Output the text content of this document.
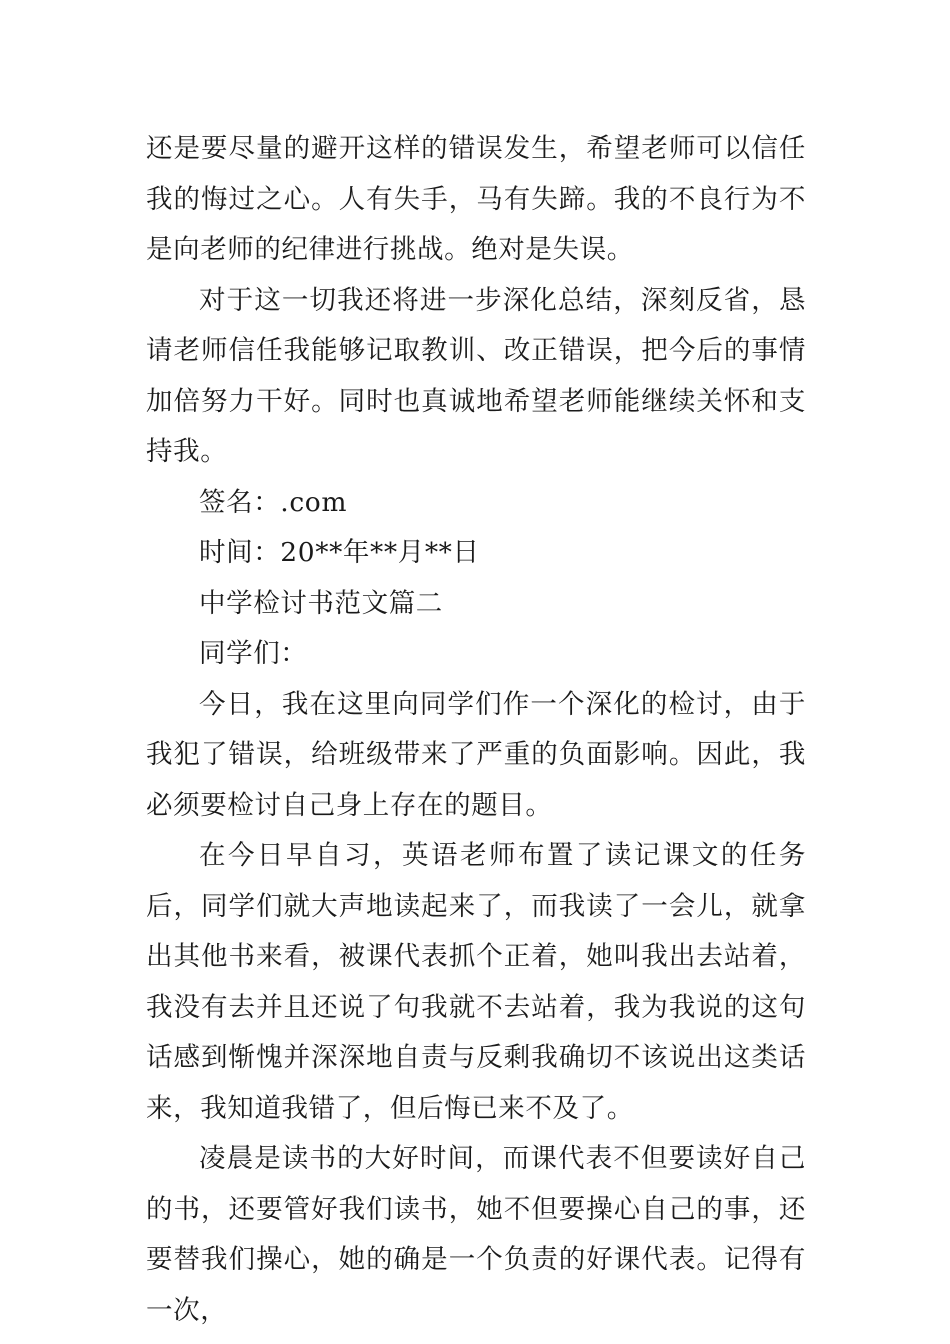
还是要尽量的避开这样的错误发生，希望老师可以信任我的悔过之心。人有失手，马有失蹄。我的不良行为不是向老师的纪律进行挑战。绝对是失误。

对于这一切我还将进一步深化总结，深刻反省，恳请老师信任我能够记取教训、改正错误，把今后的事情加倍努力干好。同时也真诚地希望老师能继续关怀和支持我。

签名：.com

时间：20**年**月**日

中学检讨书范文篇二

同学们：

今日，我在这里向同学们作一个深化的检讨，由于我犯了错误，给班级带来了严重的负面影响。因此，我必须要检讨自己身上存在的题目。

在今日早自习，英语老师布置了读记课文的任务后，同学们就大声地读起来了，而我读了一会儿，就拿出其他书来看，被课代表抓个正着，她叫我出去站着，我没有去并且还说了句我就不去站着，我为我说的这句话感到惭愧并深深地自责与反剩我确切不该说出这类话来，我知道我错了，但后悔已来不及了。

凌晨是读书的大好时间，而课代表不但要读好自己的书，还要管好我们读书，她不但要操心自己的事，还要替我们操心，她的确是一个负责的好课代表。记得有一次，
